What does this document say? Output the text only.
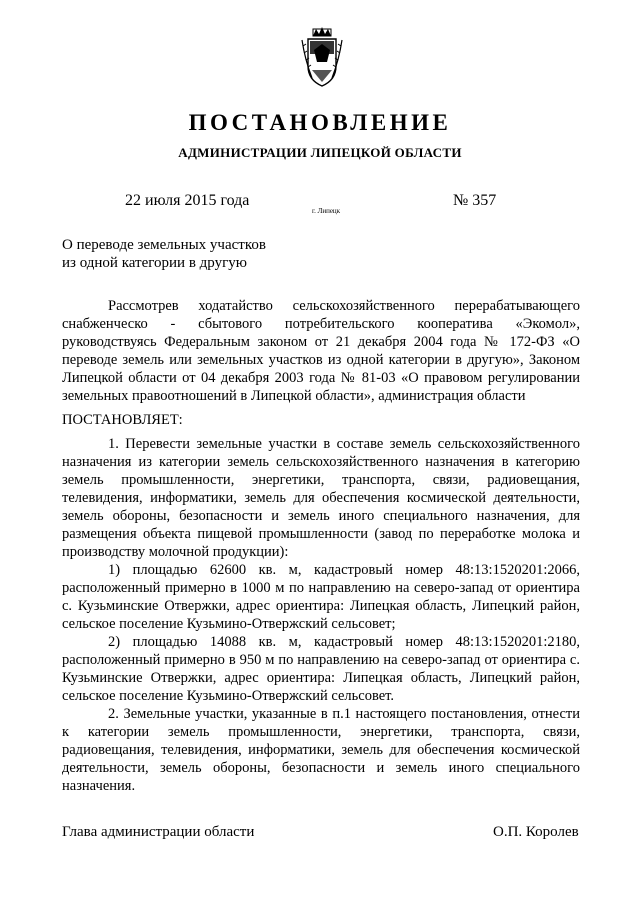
ПОСТАНОВЛЕНИЕ
АДМИНИСТРАЦИИ ЛИПЕЦКОЙ ОБЛАСТИ
22 июля 2015 года
г. Липецк
№ 357
О переводе земельных участков
из одной категории в другую

Рассмотрев ходатайство сельскохозяйственного перерабатывающего снабженческо - сбытового потребительского кооператива «Экомол», руководствуясь Федеральным законом от 21 декабря 2004 года № 172-ФЗ «О переводе земель или земельных участков из одной категории в другую», Законом Липецкой области от 04 декабря 2003 года № 81-03 «О правовом регулировании земельных правоотношений в Липецкой области», администрация области

ПОСТАНОВЛЯЕТ:

1. Перевести земельные участки в составе земель сельскохозяйственного назначения из категории земель сельскохозяйственного назначения в категорию земель промышленности, энергетики, транспорта, связи, радиовещания, телевидения, информатики, земель для обеспечения космической деятельности, земель обороны, безопасности и земель иного специального назначения, для размещения объекта пищевой промышленности (завод по переработке молока и производству молочной продукции):

1) площадью 62600 кв. м, кадастровый номер 48:13:1520201:2066, расположенный примерно в 1000 м по направлению на северо-запад от ориентира с. Кузьминские Отвержки, адрес ориентира: Липецкая область, Липецкий район, сельское поселение Кузьмино-Отвержский сельсовет;

2) площадью 14088 кв. м, кадастровый номер 48:13:1520201:2180, расположенный примерно в 950 м по направлению на северо-запад от ориентира с. Кузьминские Отвержки, адрес ориентира: Липецкая область, Липецкий район, сельское поселение Кузьмино-Отвержский сельсовет.

2. Земельные участки, указанные в п.1 настоящего постановления, отнести к категории земель промышленности, энергетики, транспорта, связи, радиовещания, телевидения, информатики, земель для обеспечения космической деятельности, земель обороны, безопасности и земель иного специального назначения.

Глава администрации области	О.П. Королев
